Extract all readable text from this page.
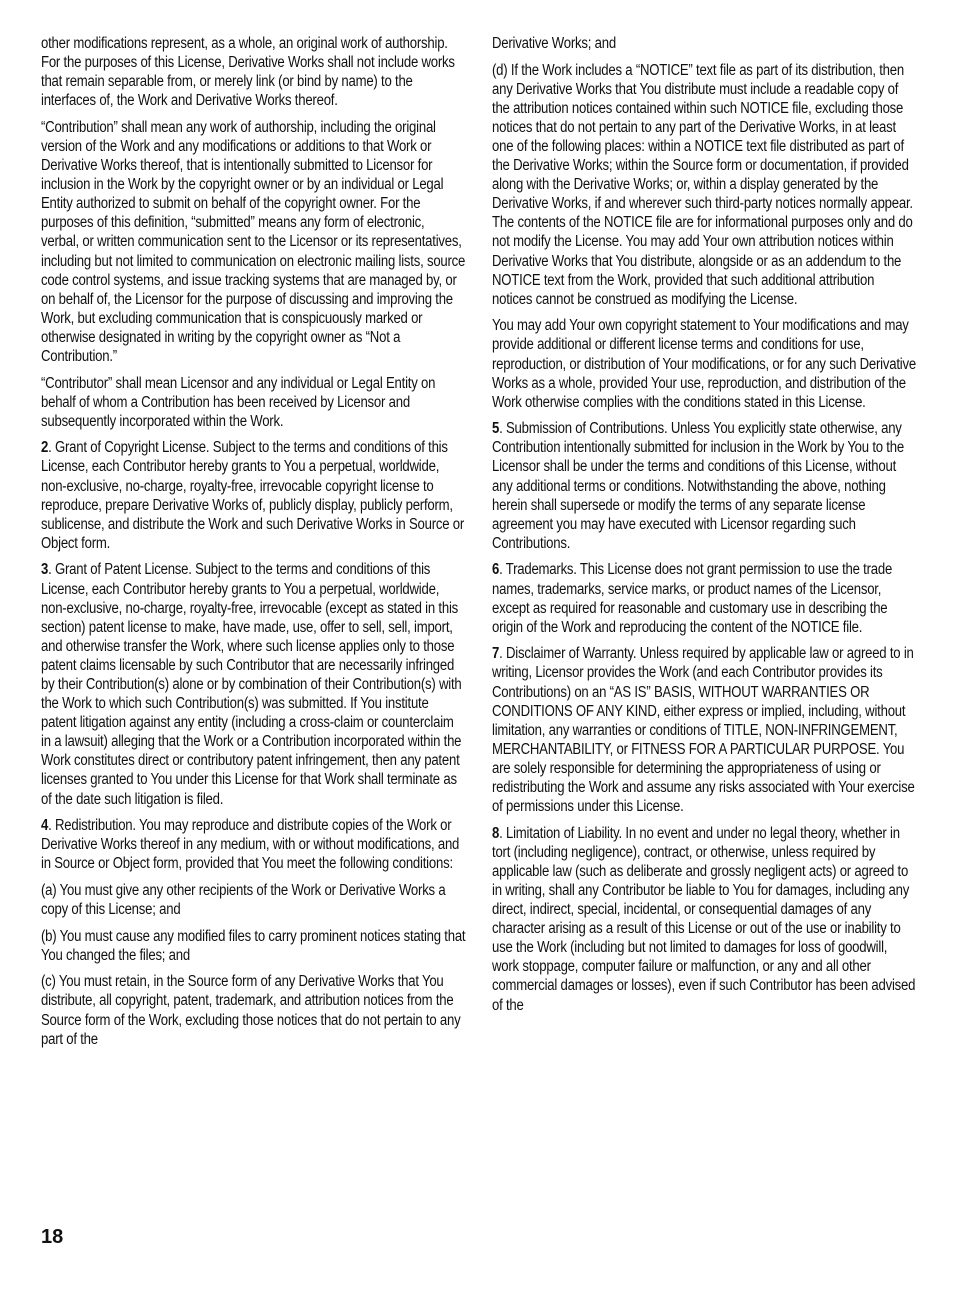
other modifications represent, as a whole, an original work of authorship. For the purposes of this License, Derivative Works shall not include works that remain separable from, or merely link (or bind by name) to the interfaces of, the Work and Derivative Works thereof.

“Contribution” shall mean any work of authorship, including the original version of the Work and any modifications or additions to that Work or Derivative Works thereof, that is intentionally submitted to Licensor for inclusion in the Work by the copyright owner or by an individual or Legal Entity authorized to submit on behalf of the copyright owner. For the purposes of this definition, “submitted” means any form of electronic, verbal, or written communication sent to the Licensor or its representatives, including but not limited to communication on electronic mailing lists, source code control systems, and issue tracking systems that are managed by, or on behalf of, the Licensor for the purpose of discussing and improving the Work, but excluding communication that is conspicuously marked or otherwise designated in writing by the copyright owner as “Not a Contribution.”

“Contributor” shall mean Licensor and any individual or Legal Entity on behalf of whom a Contribution has been received by Licensor and subsequently incorporated within the Work.

2. Grant of Copyright License. Subject to the terms and conditions of this License, each Contributor hereby grants to You a perpetual, worldwide, non-exclusive, no-charge, royalty-free, irrevocable copyright license to reproduce, prepare Derivative Works of, publicly display, publicly perform, sublicense, and distribute the Work and such Derivative Works in Source or Object form.

3. Grant of Patent License. Subject to the terms and conditions of this License, each Contributor hereby grants to You a perpetual, worldwide, non-exclusive, no-charge, royalty-free, irrevocable (except as stated in this section) patent license to make, have made, use, offer to sell, sell, import, and otherwise transfer the Work, where such license applies only to those patent claims licensable by such Contributor that are necessarily infringed by their Contribution(s) alone or by combination of their Contribution(s) with the Work to which such Contribution(s) was submitted. If You institute patent litigation against any entity (including a cross-claim or counterclaim in a lawsuit) alleging that the Work or a Contribution incorporated within the Work constitutes direct or contributory patent infringement, then any patent licenses granted to You under this License for that Work shall terminate as of the date such litigation is filed.

4. Redistribution. You may reproduce and distribute copies of the Work or Derivative Works thereof in any medium, with or without modifications, and in Source or Object form, provided that You meet the following conditions:

(a) You must give any other recipients of the Work or Derivative Works a copy of this License; and

(b) You must cause any modified files to carry prominent notices stating that You changed the files; and

(c) You must retain, in the Source form of any Derivative Works that You distribute, all copyright, patent, trademark, and attribution notices from the Source form of the Work, excluding those notices that do not pertain to any part of the

Derivative Works; and

(d) If the Work includes a “NOTICE” text file as part of its distribution, then any Derivative Works that You distribute must include a readable copy of the attribution notices contained within such NOTICE file, excluding those notices that do not pertain to any part of the Derivative Works, in at least one of the following places: within a NOTICE text file distributed as part of the Derivative Works; within the Source form or documentation, if provided along with the Derivative Works; or, within a display generated by the Derivative Works, if and wherever such third-party notices normally appear. The contents of the NOTICE file are for informational purposes only and do not modify the License. You may add Your own attribution notices within Derivative Works that You distribute, alongside or as an addendum to the NOTICE text from the Work, provided that such additional attribution notices cannot be construed as modifying the License.

You may add Your own copyright statement to Your modifications and may provide additional or different license terms and conditions for use, reproduction, or distribution of Your modifications, or for any such Derivative Works as a whole, provided Your use, reproduction, and distribution of the Work otherwise complies with the conditions stated in this License.

5. Submission of Contributions. Unless You explicitly state otherwise, any Contribution intentionally submitted for inclusion in the Work by You to the Licensor shall be under the terms and conditions of this License, without any additional terms or conditions. Notwithstanding the above, nothing herein shall supersede or modify the terms of any separate license agreement you may have executed with Licensor regarding such Contributions.

6. Trademarks. This License does not grant permission to use the trade names, trademarks, service marks, or product names of the Licensor, except as required for reasonable and customary use in describing the origin of the Work and reproducing the content of the NOTICE file.

7. Disclaimer of Warranty. Unless required by applicable law or agreed to in writing, Licensor provides the Work (and each Contributor provides its Contributions) on an “AS IS” BASIS, WITHOUT WARRANTIES OR CONDITIONS OF ANY KIND, either express or implied, including, without limitation, any warranties or conditions of TITLE, NON-INFRINGEMENT, MERCHANTABILITY, or FITNESS FOR A PARTICULAR PURPOSE. You are solely responsible for determining the appropriateness of using or redistributing the Work and assume any risks associated with Your exercise of permissions under this License.

8. Limitation of Liability. In no event and under no legal theory, whether in tort (including negligence), contract, or otherwise, unless required by applicable law (such as deliberate and grossly negligent acts) or agreed to in writing, shall any Contributor be liable to You for damages, including any direct, indirect, special, incidental, or consequential damages of any character arising as a result of this License or out of the use or inability to use the Work (including but not limited to damages for loss of goodwill, work stoppage, computer failure or malfunction, or any and all other commercial damages or losses), even if such Contributor has been advised of the

18
